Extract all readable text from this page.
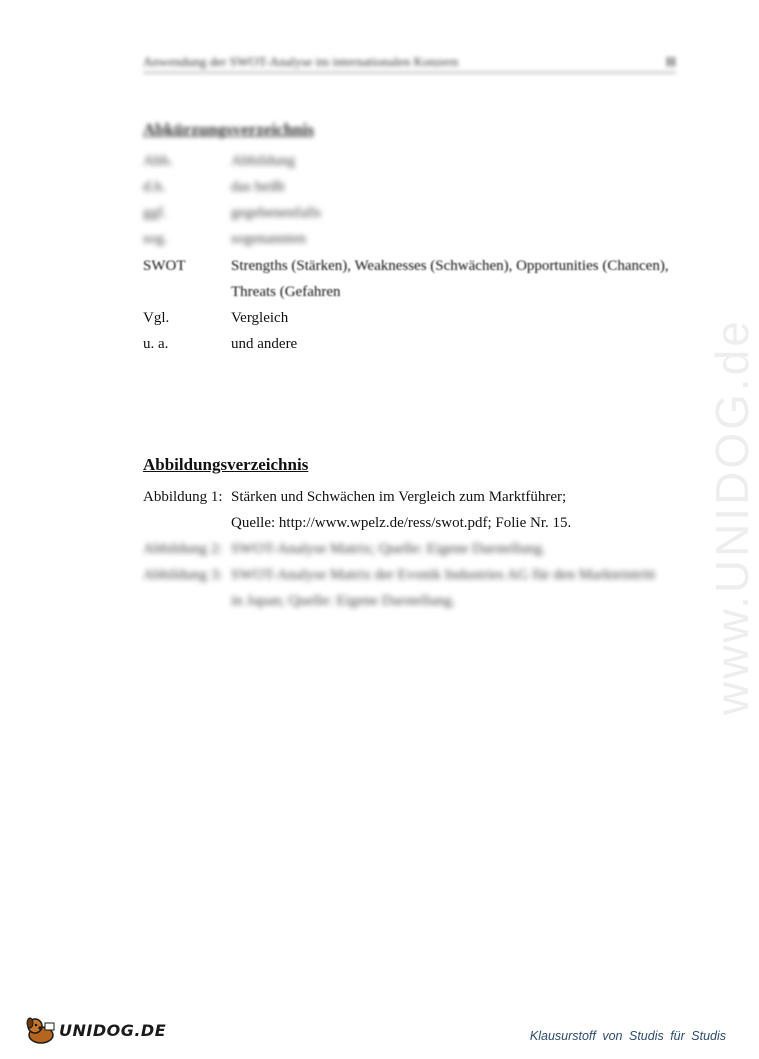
Anwendung der SWOT-Analyse im internationalen Konzern	II
Abkürzungsverzeichnis
Abb.	Abbildung
d.h.	das heißt
ggf.	gegebenenfalls
sog.	sogenannten
SWOT	Strengths (Stärken), Weaknesses (Schwächen), Opportunities (Chancen), Threats (Gefahren
Vgl.	Vergleich
u. a.	und andere
Abbildungsverzeichnis
Abbildung 1: Stärken und Schwächen im Vergleich zum Marktführer;
Quelle: http://www.wpelz.de/ress/swot.pdf; Folie Nr. 15.
Abbildung 2: SWOT-Analyse Matrix; Quelle: Eigene Darstellung.
Abbildung 3: SWOT-Analyse Matrix der Evonik Industries AG für den Markteintritt
in Japan; Quelle: Eigene Darstellung.	www.UNIDOG.de
UNIDOG.DE	Klausurstoff von Studis für Studis
